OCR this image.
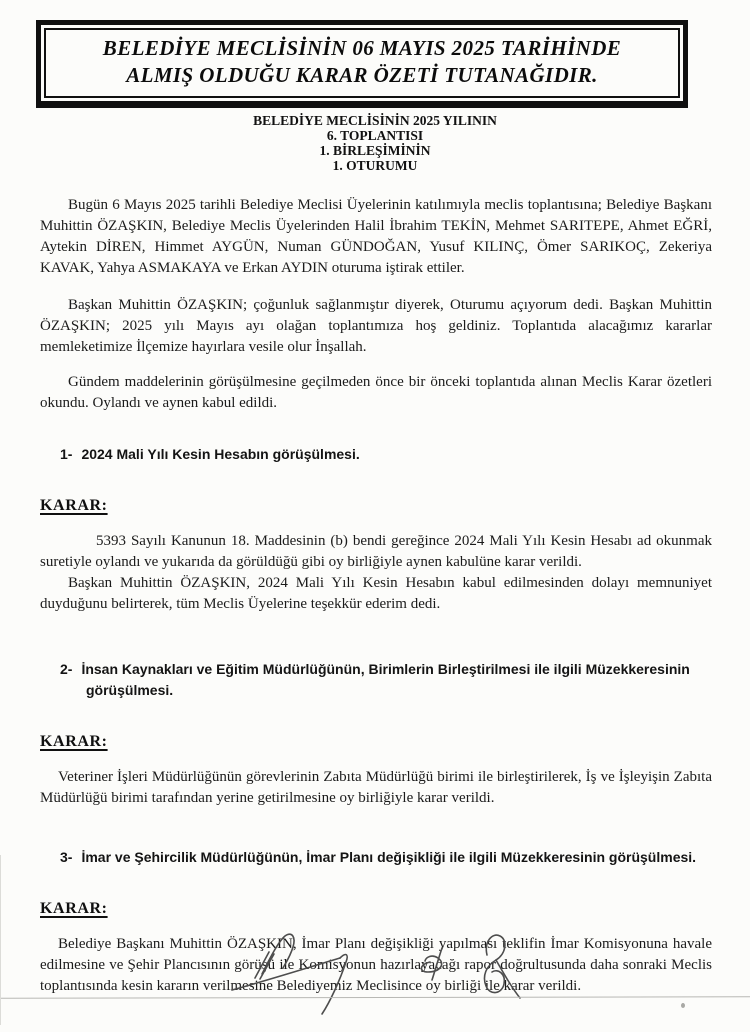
BELEDİYE MECLİSİNİN 06 MAYIS 2025 TARİHİNDE
ALMIŞ OLDUĞU KARAR ÖZETİ TUTANAĞIDIR.
BELEDİYE MECLİSİNİN 2025 YILININ
6. TOPLANTISI
1. BİRLEŞİMİNİN
1. OTURUMU

Bugün 6 Mayıs 2025 tarihli Belediye Meclisi Üyelerinin katılımıyla meclis toplantısına; Belediye Başkanı Muhittin ÖZAŞKIN, Belediye Meclis Üyelerinden Halil İbrahim TEKİN, Mehmet SARITEPE, Ahmet EĞRİ, Aytekin DİREN, Himmet AYGÜN, Numan GÜNDOĞAN, Yusuf KILINÇ, Ömer SARIKOÇ, Zekeriya KAVAK, Yahya ASMAKAYA ve Erkan AYDIN oturuma iştirak ettiler.

Başkan Muhittin ÖZAŞKIN; çoğunluk sağlanmıştır diyerek, Oturumu açıyorum dedi. Başkan Muhittin ÖZAŞKIN; 2025 yılı Mayıs ayı olağan toplantımıza hoş geldiniz. Toplantıda alacağımız kararlar memleketimize İlçemize hayırlara vesile olur İnşallah.

Gündem maddelerinin görüşülmesine geçilmeden önce bir önceki toplantıda alınan Meclis Karar özetleri okundu. Oylandı ve aynen kabul edildi.

1- 2024 Mali Yılı Kesin Hesabın görüşülmesi.
KARAR:

5393 Sayılı Kanunun 18. Maddesinin (b) bendi gereğince 2024 Mali Yılı Kesin Hesabı ad okunmak suretiyle oylandı ve yukarıda da görüldüğü gibi oy birliğiyle aynen kabulüne karar verildi.

Başkan Muhittin ÖZAŞKIN, 2024 Mali Yılı Kesin Hesabın kabul edilmesinden dolayı memnuniyet duyduğunu belirterek, tüm Meclis Üyelerine teşekkür ederim dedi.

2- İnsan Kaynakları ve Eğitim Müdürlüğünün, Birimlerin Birleştirilmesi ile ilgili Müzekkeresinin görüşülmesi.
KARAR:

Veteriner İşleri Müdürlüğünün görevlerinin Zabıta Müdürlüğü birimi ile birleştirilerek, İş ve İşleyişin Zabıta Müdürlüğü birimi tarafından yerine getirilmesine oy birliğiyle karar verildi.

3- İmar ve Şehircilik Müdürlüğünün, İmar Planı değişikliği ile ilgili Müzekkeresinin görüşülmesi.
KARAR:

Belediye Başkanı Muhittin ÖZAŞKIN, İmar Planı değişikliği yapılması teklifin İmar Komisyonuna havale edilmesine ve Şehir Plancısının görüşü ile Komisyonun hazırlayacağı rapor doğrultusunda daha sonraki Meclis toplantısında kesin kararın verilmesine Belediyemiz Meclisince oy birliği ile karar verildi.
